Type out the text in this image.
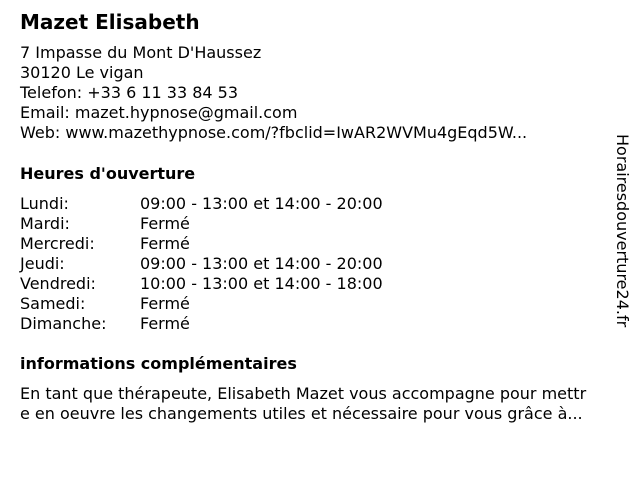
Mazet Elisabeth
7 Impasse du Mont D'Haussez
30120 Le vigan
Telefon: +33 6 11 33 84 53
Email: mazet.hypnose@gmail.com
Web: www.mazethypnose.com/?fbclid=IwAR2WVMu4gEqd5W...
Heures d'ouverture
Lundi:	09:00 - 13:00 et 14:00 - 20:00
Mardi:	Fermé
Mercredi:	Fermé
Jeudi:	09:00 - 13:00 et 14:00 - 20:00
Vendredi:	10:00 - 13:00 et 14:00 - 18:00
Samedi:	Fermé
Dimanche: Fermé
informations complémentaires
En tant que thérapeute, Elisabeth Mazet vous accompagne pour mettr
e en oeuvre les changements utiles et nécessaire pour vous grâce à...
Horairesdouverture24.fr
